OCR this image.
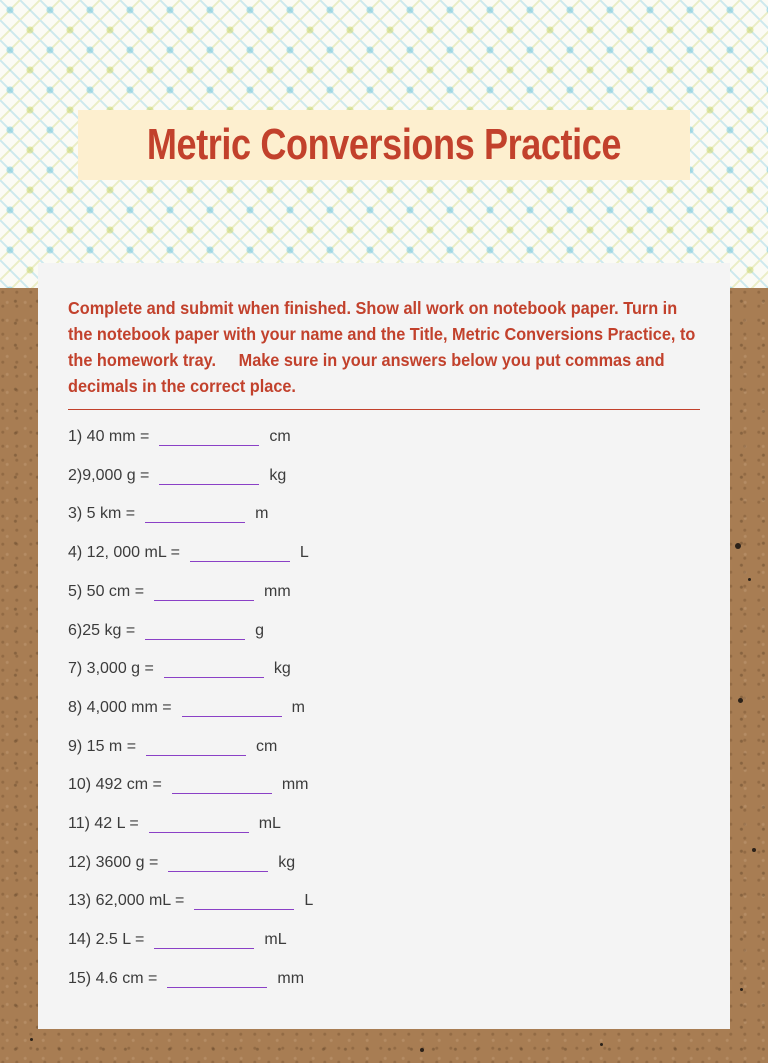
Metric Conversions Practice
Complete and submit when finished. Show all work on notebook paper. Turn in the notebook paper with your name and the Title, Metric Conversions Practice, to the homework tray. Make sure in your answers below you put commas and decimals in the correct place.
1) 40 mm =	cm
2)9,000 g =	kg
3) 5 km =	m
4) 12, 000 mL =	L
5) 50 cm =	mm
6)25 kg =	g
7) 3,000 g =	kg
8) 4,000 mm =	m
9) 15 m =	cm
10) 492 cm =	mm
11) 42 L =	mL
12) 3600 g =	kg
13) 62,000 mL =	L
14) 2.5 L =	mL
15) 4.6 cm =	mm
